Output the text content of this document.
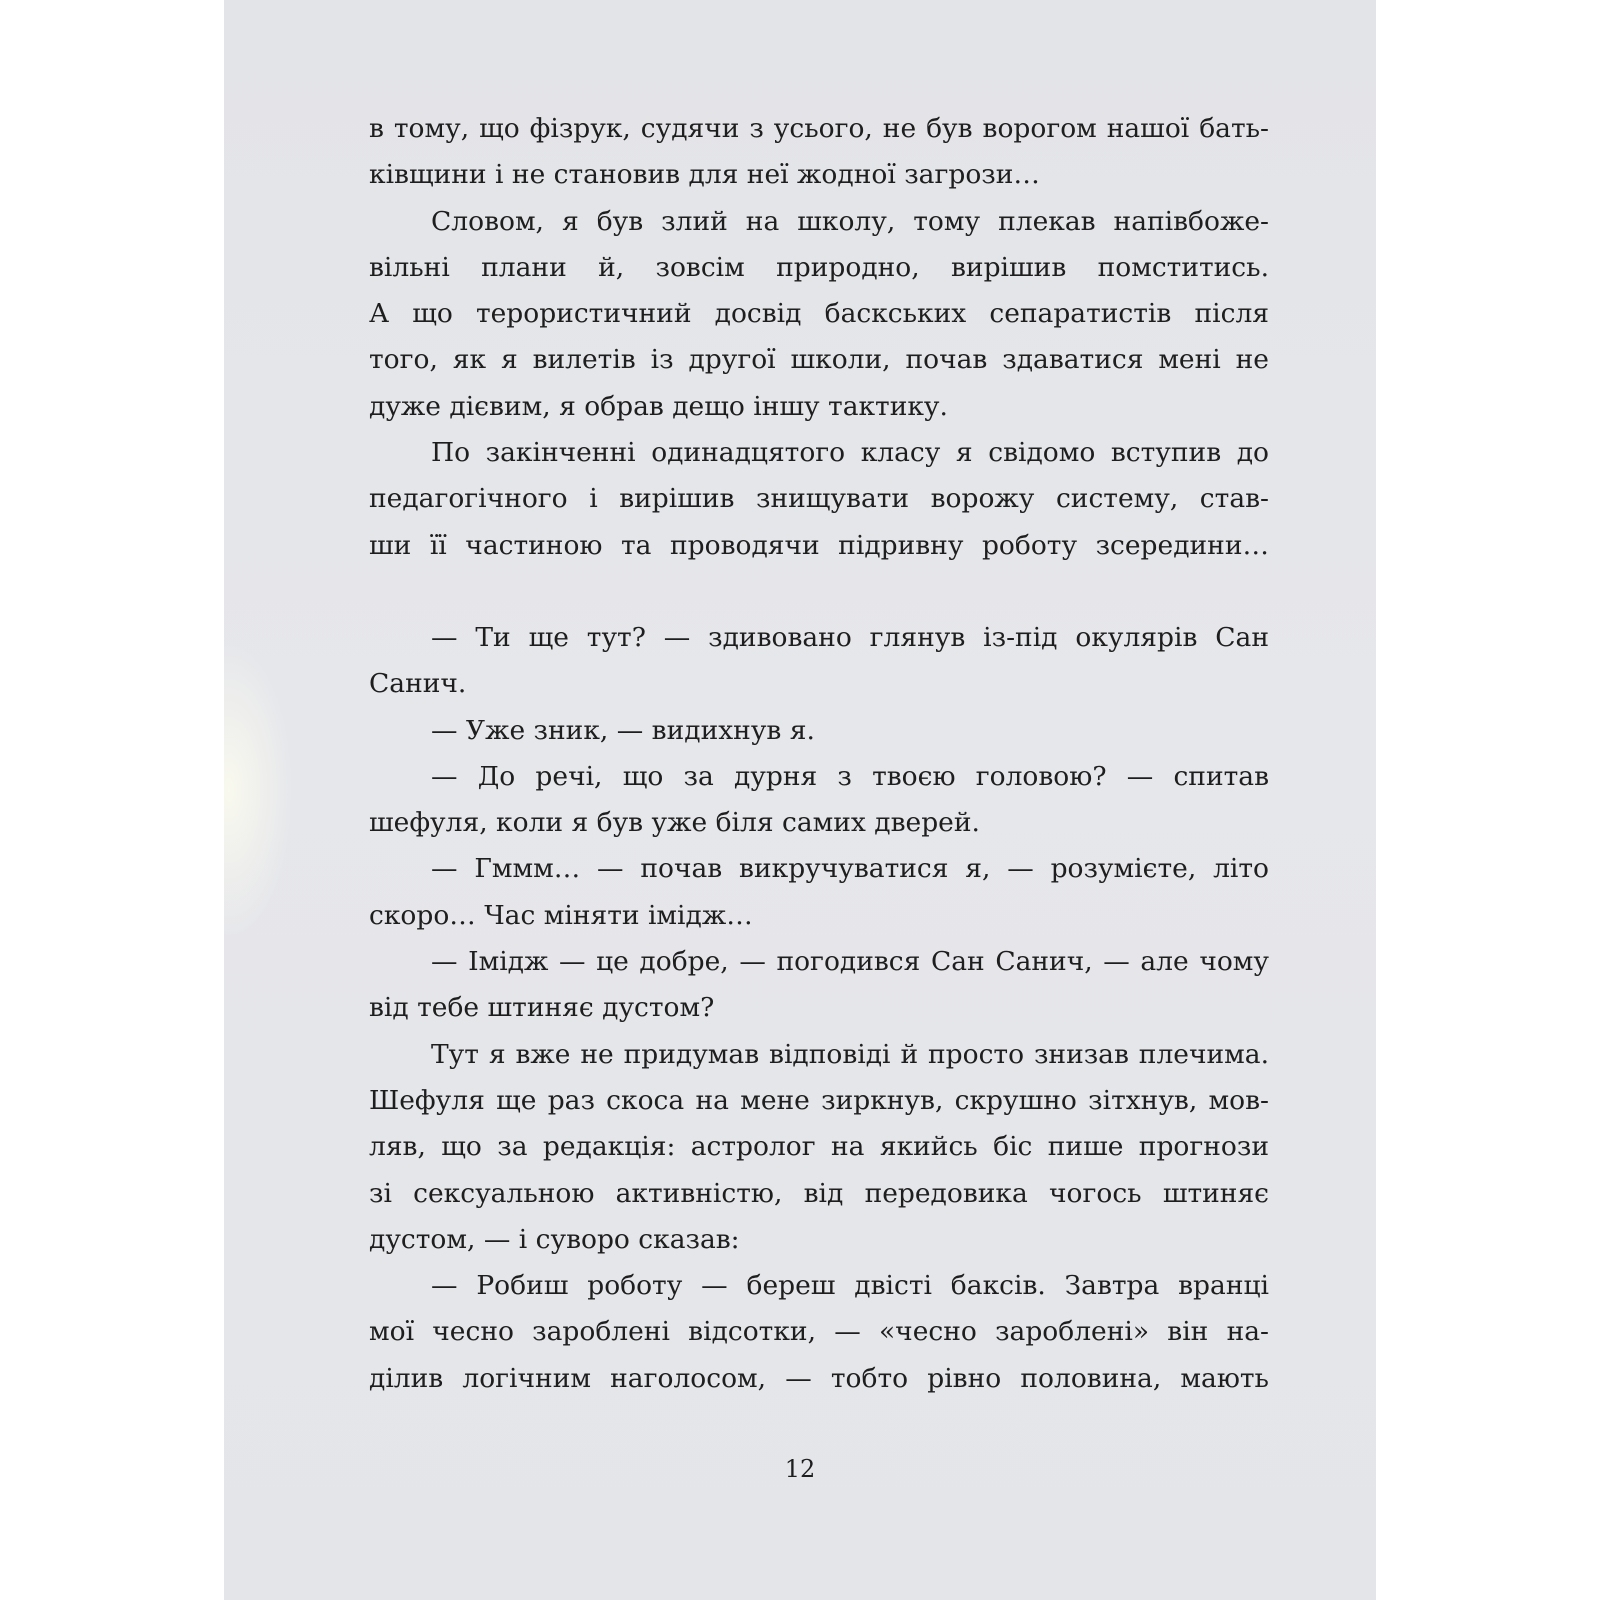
в тому, що фізрук, судячи з усього, не був ворогом нашої бать-
ківщини і не становив для неї жодної загрози…
Словом, я був злий на школу, тому плекав напівбоже-
вільні плани й, зовсім природно, вирішив помститись.
А що терористичний досвід баскських сепаратистів після
того, як я вилетів із другої школи, почав здаватися мені не
дуже дієвим, я обрав дещо іншу тактику.
По закінченні одинадцятого класу я свідомо вступив до
педагогічного і вирішив знищувати ворожу систему, став-
ши її частиною та проводячи підривну роботу зсередини…
— Ти ще тут? — здивовано глянув із-під окулярів Сан
Санич.
— Уже зник, — видихнув я.
— До речі, що за дурня з твоєю головою? — спитав
шефуля, коли я був уже біля самих дверей.
— Гммм… — почав викручуватися я, — розумієте, літо
скоро… Час міняти імідж…
— Імідж — це добре, — погодився Сан Санич, — але чому
від тебе штиняє дустом?
Тут я вже не придумав відповіді й просто знизав плечима.
Шефуля ще раз скоса на мене зиркнув, скрушно зітхнув, мов-
ляв, що за редакція: астролог на якийсь біс пише прогнози
зі сексуальною активністю, від передовика чогось штиняє
дустом, — і суворо сказав:
— Робиш роботу — береш двісті баксів. Завтра вранці
мої чесно зароблені відсотки, — «чесно зароблені» він на-
ділив логічним наголосом, — тобто рівно половина, мають
12
